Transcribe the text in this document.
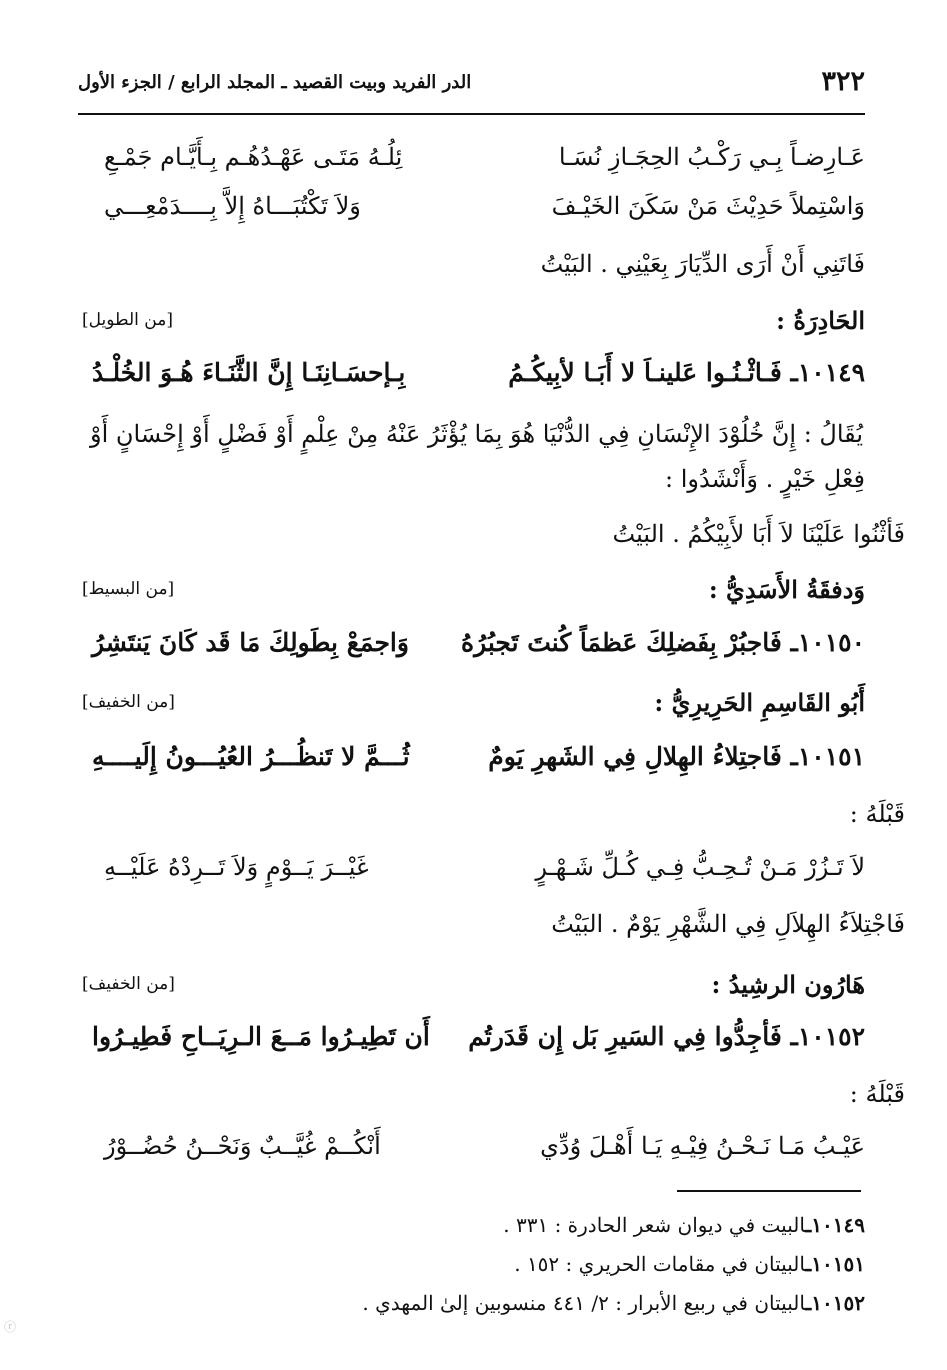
٣٢٢
الدر الفريد وبيت القصيد ـ المجلد الرابع / الجزء الأول
عَـارِضـاً بِـي رَكْـبُ الحِجَـازِ نُسَـا
ئِلُـهُ مَتَـى عَهْـدُهُـم بِـأَيَّـام جَمْـعِ
وَاسْتِملاً حَدِيْثَ مَنْ سَكَنَ الخَيْـفَ
وَلاَ تَكْتُبَـــاهُ إِلاَّ بِــــدَمْعِـــي
فَاتَنِي أَنْ أَرَى الدِّيَارَ بِعَيْنِي . البَيْتُ
الحَادِرَةُ :
[من الطويل]
١٠١٤٩ـ فَـاثْـنُـوا عَلينـاَ لا أَبَـا لأبِيكُـمُ
بِـإحسَـانِنَـا إِنَّ الثَّنَـاءَ هُـوَ الخُلْـدُ
يُقَالُ : إِنَّ خُلُوْدَ الإِنْسَانِ فِي الدُّنْيَا هُوَ بِمَا يُؤْثَرُ عَنْهُ مِنْ عِلْمٍ أَوْ فَضْلٍ أَوْ إِحْسَانٍ أَوْ
فِعْلِ خَيْرٍ . وَأَنْشَدُوا :
فَأثْنُوا عَلَيْنَا لاَ أَبَا لأَبِيْكُمُ . البَيْتُ
وَدفقَةُ الأَسَدِيُّ :
[من البسيط]
١٠١٥٠ـ فَاجبُرْ بِفَضلِكَ عَظمَاً كُنتَ تَجبُرُهُ
وَاجمَعْ بِطَولِكَ مَا قَد كَانَ يَنتَشِرُ
أَبُو القَاسِمِ الحَرِيرِيُّ :
[من الخفيف]
١٠١٥١ـ فَاجتِلاءُ الهِلالِ فِي الشَهرِ يَومٌ
ثُـــمَّ لا تَنظُـــرُ العُيُـــونُ إِلَيــــهِ
قَبْلَهُ :
لاَ تَـزُرْ مَـنْ تُـحِـبُّ فِـي كُـلِّ شَـهْـرٍ
غَيْــرَ يَــوْمٍ وَلاَ تَــرِدْهُ عَلَيْــهِ
فَاجْتِلاَءُ الهِلاَلِ فِي الشَّهْرِ يَوْمٌ . البَيْتُ
هَارُون الرشِيدُ :
[من الخفيف]
١٠١٥٢ـ فَأجِدُّوا فِي السَيرِ بَل إِن قَدَرتُم
أَن تَطِيـرُوا مَــعَ الـرِيَــاحِ فَطِيـرُوا
قَبْلَهُ :
عَيْـبُ مَـا نَـحْـنُ فِيْـهِ يَـا أَهْـلَ وُدِّي
أَنْكُــمْ غُيَّــبٌ وَنَحْــنُ حُضُــوْرُ
١٠١٤٩ـالبيت في ديوان شعر الحادرة : ٣٣١ .
١٠١٥١ـالبيتان في مقامات الحريري : ١٥٢ .
١٠١٥٢ـالبيتان في ربيع الأبرار : ٢/ ٤٤١ منسوبين إلىٰ المهدي .
ⓡ
